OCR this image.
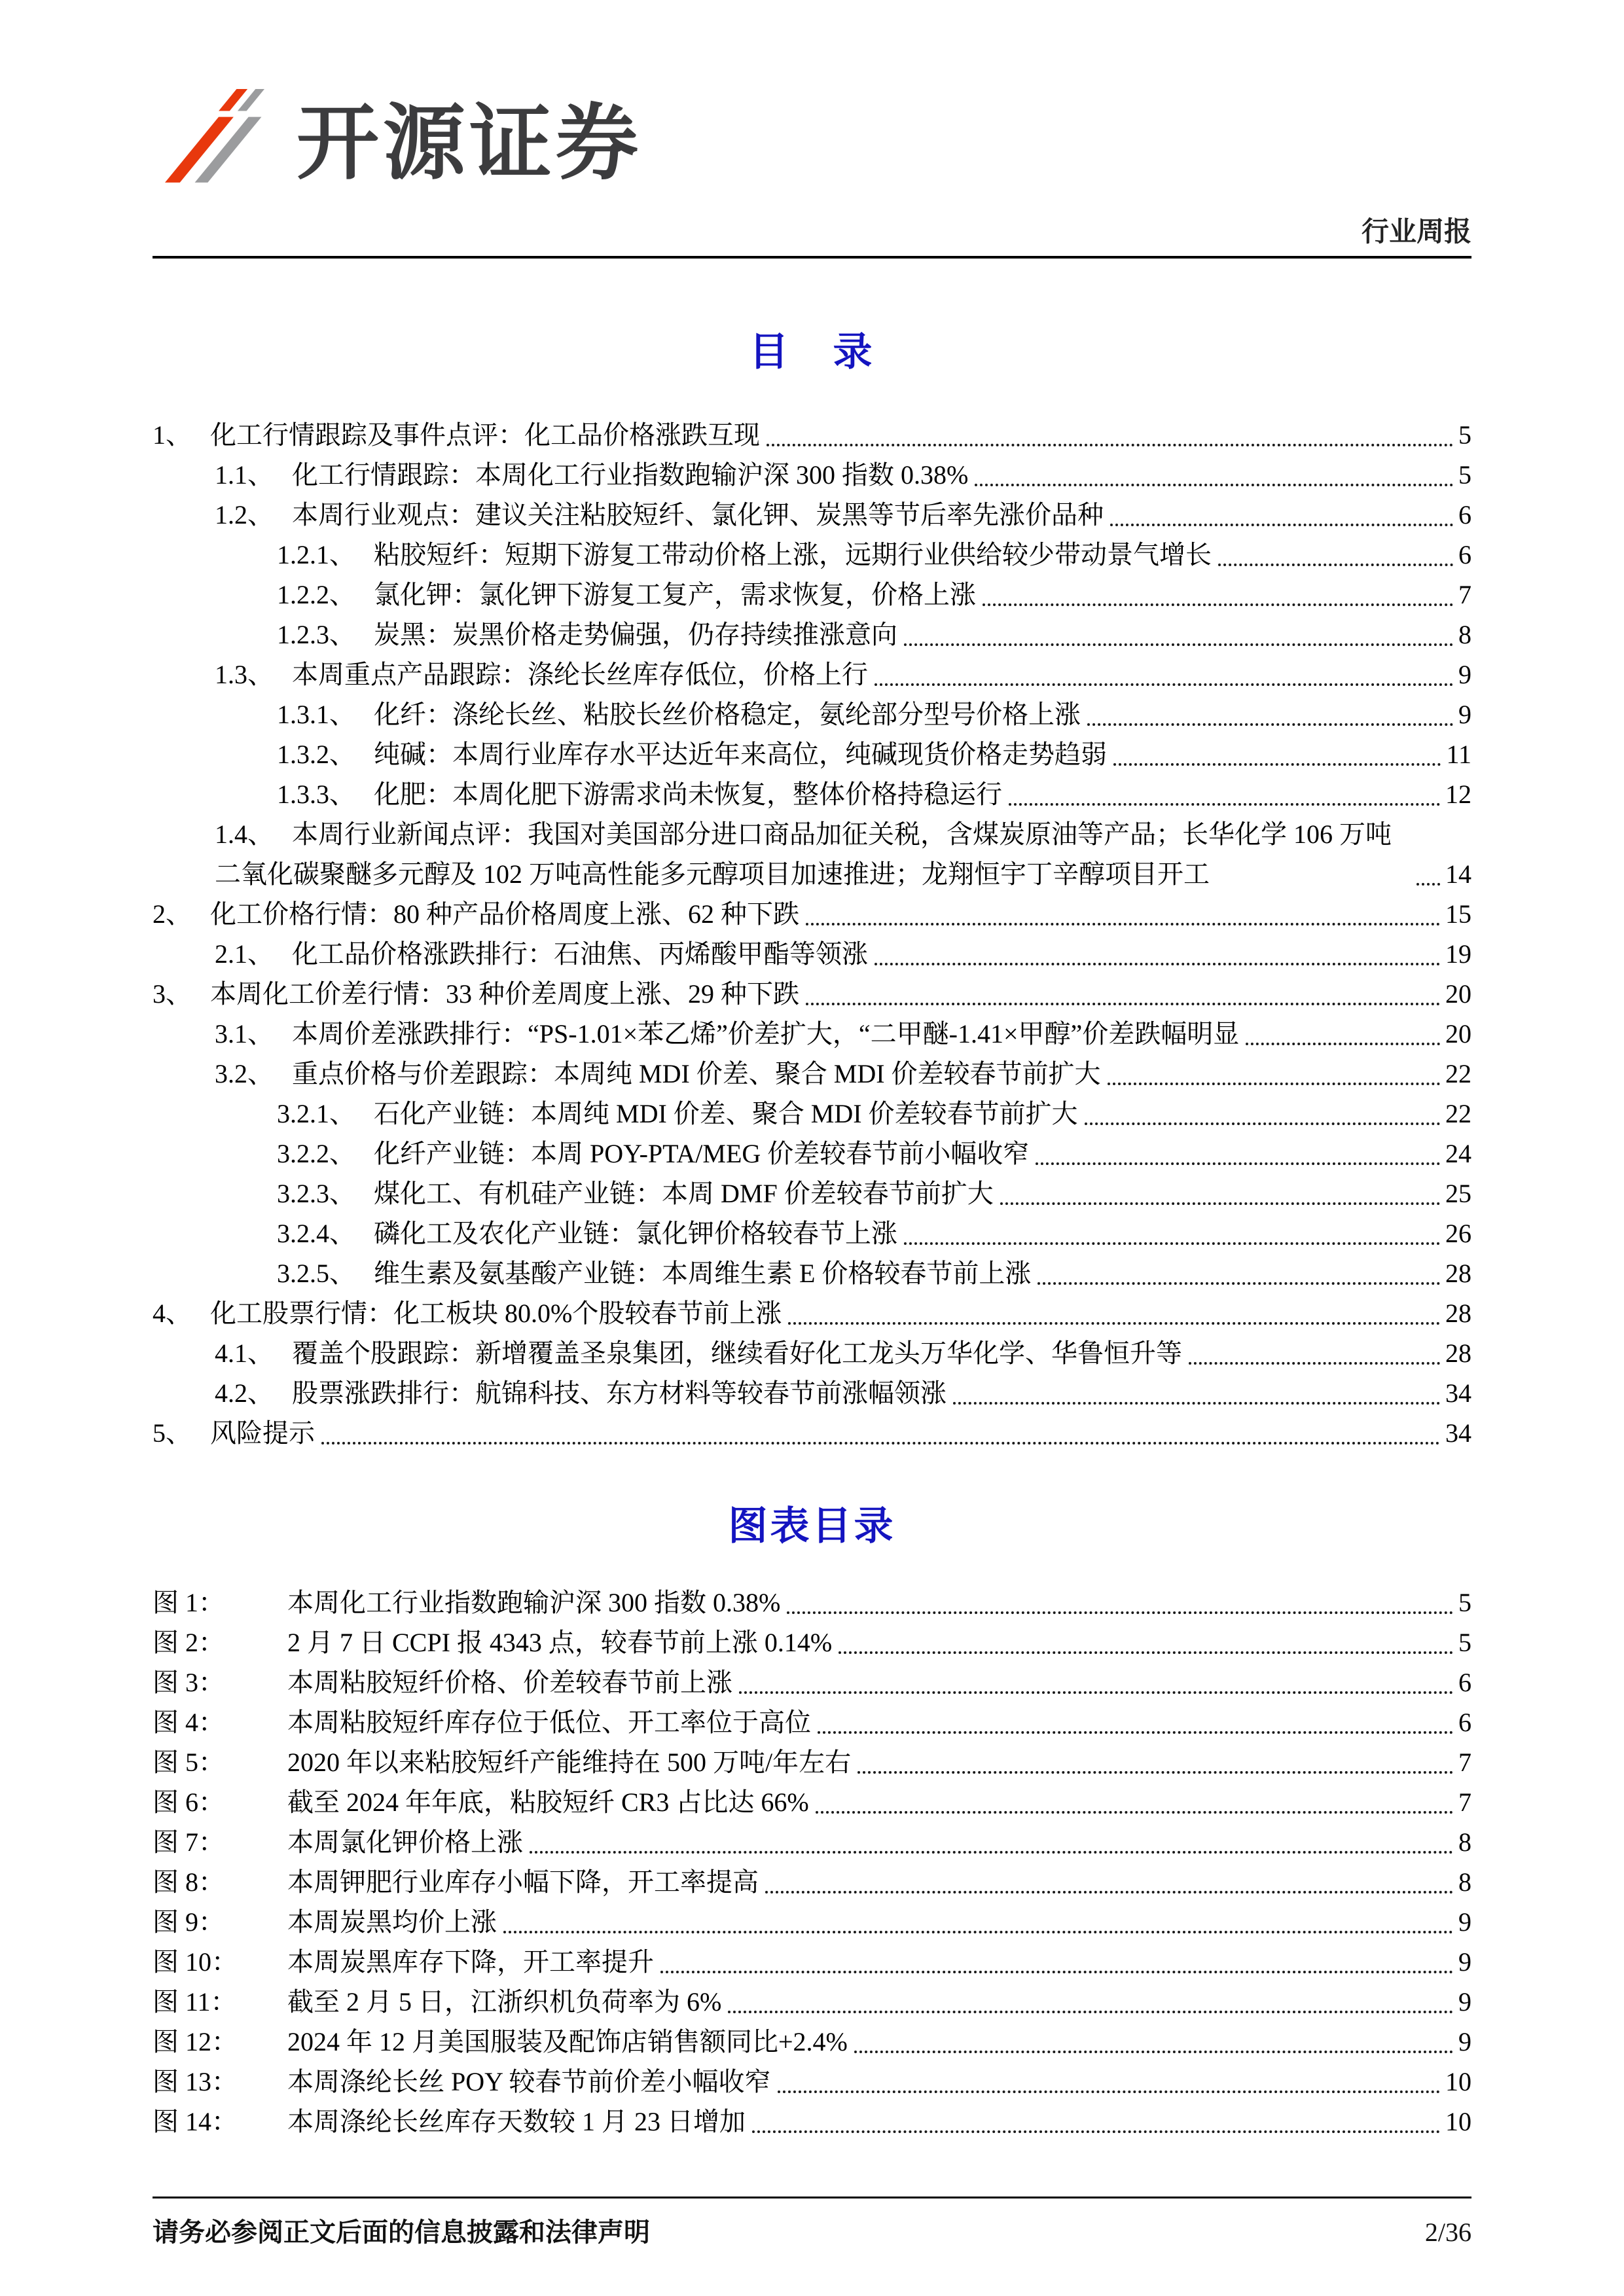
开源证券
行业周报
目　录
1、 化工行情跟踪及事件点评：化工品价格涨跌互现	5
1.1、 化工行情跟踪：本周化工行业指数跑输沪深 300 指数 0.38%	5
1.2、 本周行业观点：建议关注粘胶短纤、氯化钾、炭黑等节后率先涨价品种	6
1.2.1、 粘胶短纤：短期下游复工带动价格上涨，远期行业供给较少带动景气增长	6
1.2.2、 氯化钾：氯化钾下游复工复产，需求恢复，价格上涨	7
1.2.3、 炭黑：炭黑价格走势偏强，仍存持续推涨意向	8
1.3、 本周重点产品跟踪：涤纶长丝库存低位，价格上行	9
1.3.1、 化纤：涤纶长丝、粘胶长丝价格稳定，氨纶部分型号价格上涨	9
1.3.2、 纯碱：本周行业库存水平达近年来高位，纯碱现货价格走势趋弱	11
1.3.3、 化肥：本周化肥下游需求尚未恢复，整体价格持稳运行	12
1.4、 本周行业新闻点评：我国对美国部分进口商品加征关税，含煤炭原油等产品；长华化学 106 万吨二氧化碳聚醚多元醇及 102 万吨高性能多元醇项目加速推进；龙翔恒宇丁辛醇项目开工	14
2、 化工价格行情：80 种产品价格周度上涨、62 种下跌	15
2.1、 化工品价格涨跌排行：石油焦、丙烯酸甲酯等领涨	19
3、 本周化工价差行情：33 种价差周度上涨、29 种下跌	20
3.1、 本周价差涨跌排行：“PS-1.01×苯乙烯”价差扩大，“二甲醚-1.41×甲醇”价差跌幅明显	20
3.2、 重点价格与价差跟踪：本周纯 MDI 价差、聚合 MDI 价差较春节前扩大	22
3.2.1、 石化产业链：本周纯 MDI 价差、聚合 MDI 价差较春节前扩大	22
3.2.2、 化纤产业链：本周 POY-PTA/MEG 价差较春节前小幅收窄	24
3.2.3、 煤化工、有机硅产业链：本周 DMF 价差较春节前扩大	25
3.2.4、 磷化工及农化产业链：氯化钾价格较春节上涨	26
3.2.5、 维生素及氨基酸产业链：本周维生素 E 价格较春节前上涨	28
4、 化工股票行情：化工板块 80.0%个股较春节前上涨	28
4.1、 覆盖个股跟踪：新增覆盖圣泉集团，继续看好化工龙头万华化学、华鲁恒升等	28
4.2、 股票涨跌排行：航锦科技、东方材料等较春节前涨幅领涨	34
5、 风险提示	34
图表目录
图 1： 本周化工行业指数跑输沪深 300 指数 0.38%	5
图 2： 2 月 7 日 CCPI 报 4343 点，较春节前上涨 0.14%	5
图 3： 本周粘胶短纤价格、价差较春节前上涨	6
图 4： 本周粘胶短纤库存位于低位、开工率位于高位	6
图 5： 2020 年以来粘胶短纤产能维持在 500 万吨/年左右	7
图 6： 截至 2024 年年底，粘胶短纤 CR3 占比达 66%	7
图 7： 本周氯化钾价格上涨	8
图 8： 本周钾肥行业库存小幅下降，开工率提高	8
图 9： 本周炭黑均价上涨	9
图 10： 本周炭黑库存下降，开工率提升	9
图 11： 截至 2 月 5 日，江浙织机负荷率为 6%	9
图 12： 2024 年 12 月美国服装及配饰店销售额同比+2.4%	9
图 13： 本周涤纶长丝 POY 较春节前价差小幅收窄	10
图 14： 本周涤纶长丝库存天数较 1 月 23 日增加	10
请务必参阅正文后面的信息披露和法律声明	2/36
